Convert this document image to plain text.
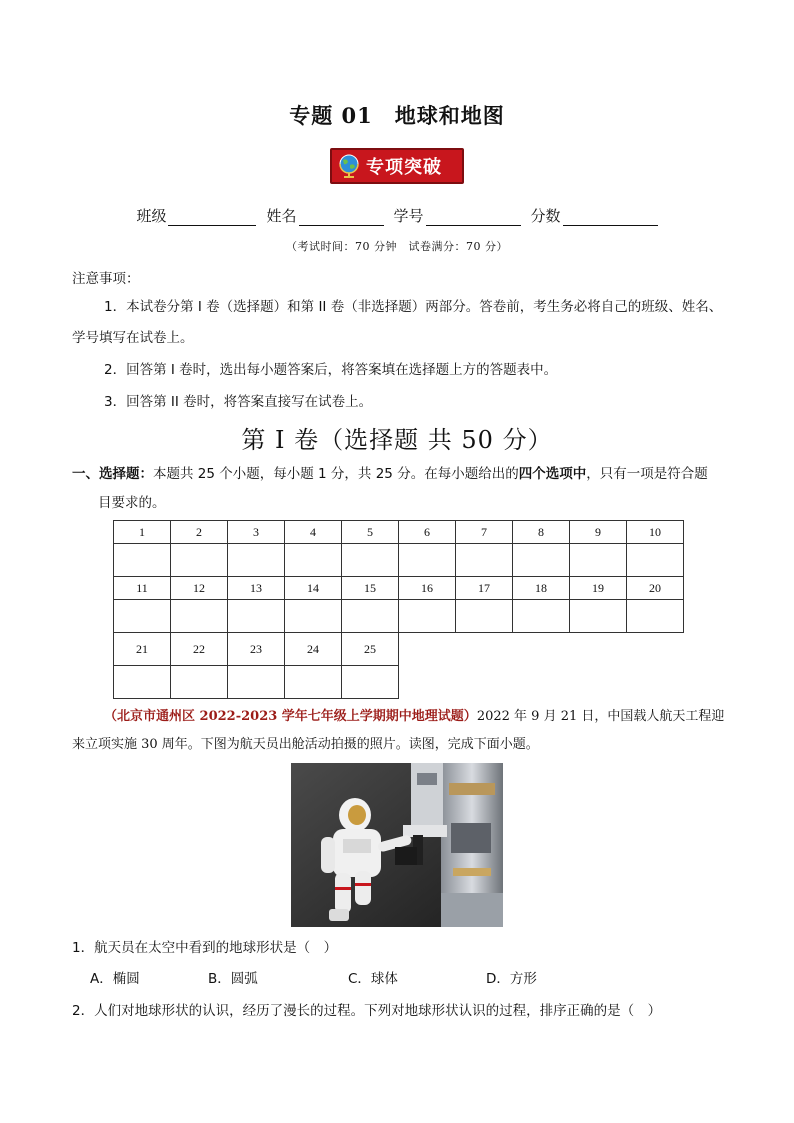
专题 01　地球和地图
专项突破
班级	姓名	学号	分数
（考试时间：70 分钟　试卷满分：70 分）
注意事项：
1．本试卷分第 I 卷（选择题）和第 II 卷（非选择题）两部分。答卷前，考生务必将自己的班级、姓名、
学号填写在试卷上。
2．回答第 I 卷时，选出每小题答案后，将答案填在选择题上方的答题表中。
3．回答第 II 卷时，将答案直接写在试卷上。
第 I 卷（选择题 共 50 分）
一、选择题：本题共 25 个小题，每小题 1 分，共 25 分。在每小题给出的四个选项中，只有一项是符合题
目要求的。
1	2	3	4	5	6	7	8	9	10

11	12	13	14	15	16	17	18	19	20

21	22	23	24	25					

（北京市通州区 2022-2023 学年七年级上学期期中地理试题）2022 年 9 月 21 日，中国载人航天工程迎
来立项实施 30 周年。下图为航天员出舱活动拍摄的照片。读图，完成下面小题。
1．航天员在太空中看到的地球形状是（　）
A．椭圆	B．圆弧	C．球体	D．方形
2．人们对地球形状的认识，经历了漫长的过程。下列对地球形状认识的过程，排序正确的是（　）
